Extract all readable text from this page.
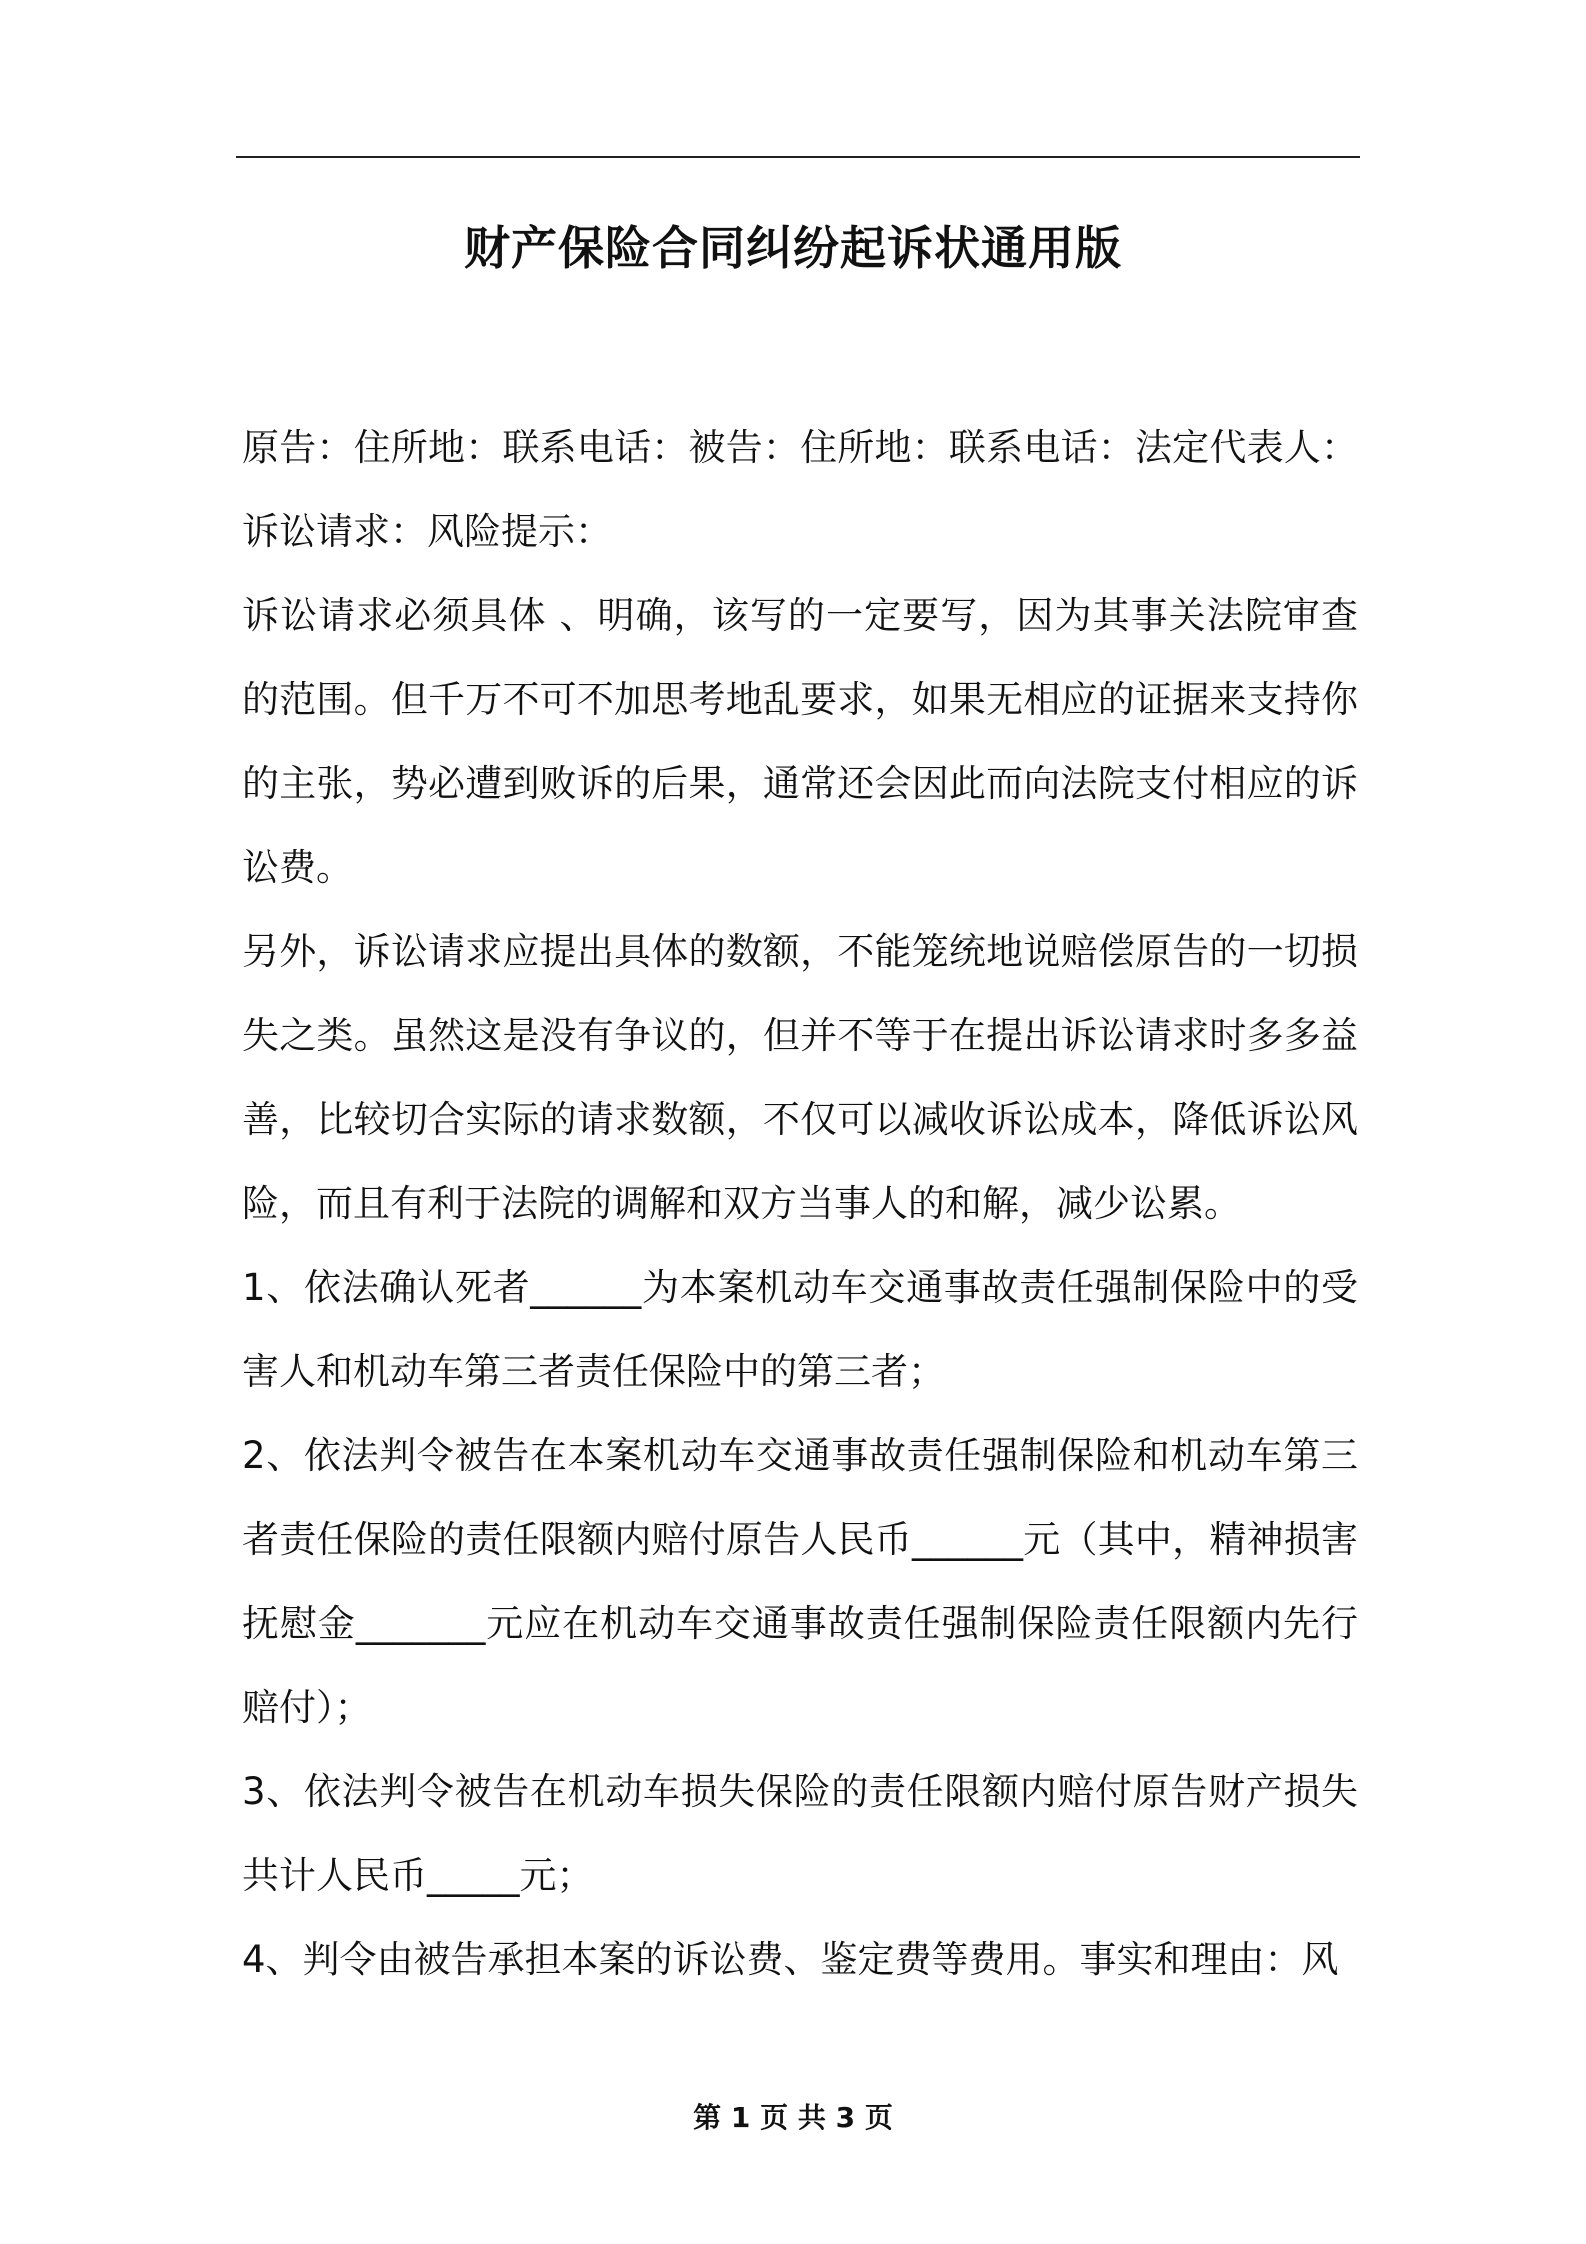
财产保险合同纠纷起诉状通用版

原告：住所地：联系电话：被告：住所地：联系电话：法定代表人：诉讼请求：风险提示：

诉讼请求必须具体 、明确，该写的一定要写，因为其事关法院审查的范围。但千万不可不加思考地乱要求，如果无相应的证据来支持你的主张，势必遭到败诉的后果，通常还会因此而向法院支付相应的诉讼费。

另外，诉讼请求应提出具体的数额，不能笼统地说赔偿原告的一切损失之类。虽然这是没有争议的，但并不等于在提出诉讼请求时多多益善，比较切合实际的请求数额，不仅可以减收诉讼成本，降低诉讼风险，而且有利于法院的调解和双方当事人的和解，减少讼累。

1、依法确认死者______为本案机动车交通事故责任强制保险中的受害人和机动车第三者责任保险中的第三者；

2、依法判令被告在本案机动车交通事故责任强制保险和机动车第三者责任保险的责任限额内赔付原告人民币______元（其中，精神损害抚慰金_______元应在机动车交通事故责任强制保险责任限额内先行赔付）；

3、依法判令被告在机动车损失保险的责任限额内赔付原告财产损失共计人民币_____元；

4、判令由被告承担本案的诉讼费、鉴定费等费用。事实和理由：风

第 1 页 共 3 页
